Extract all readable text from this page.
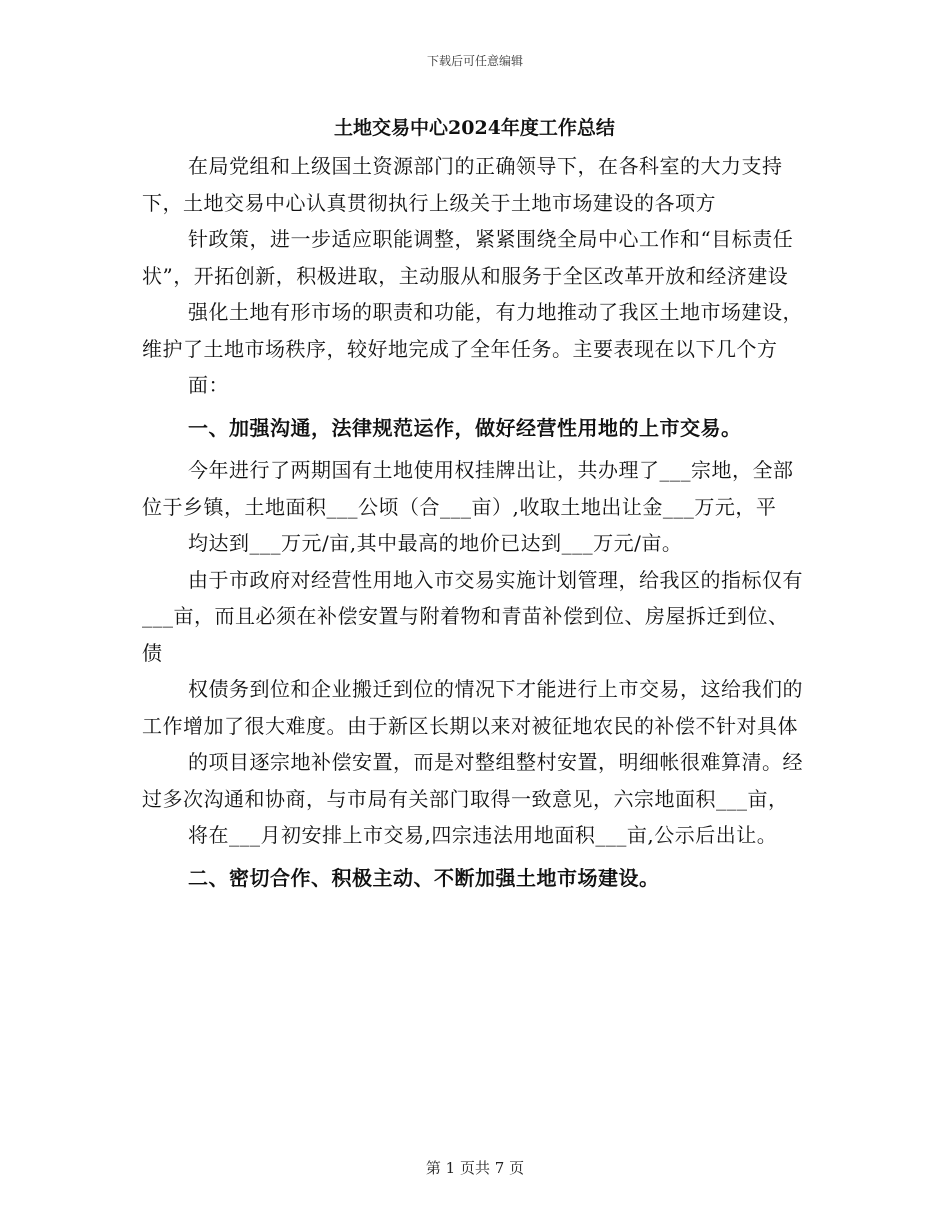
下载后可任意编辑
土地交易中心2024年度工作总结

在局党组和上级国土资源部门的正确领导下，在各科室的大力支持下，土地交易中心认真贯彻执行上级关于土地市场建设的各项方

针政策，进一步适应职能调整，紧紧围绕全局中心工作和“目标责任状”，开拓创新，积极进取，主动服从和服务于全区改革开放和经济建设

强化土地有形市场的职责和功能，有力地推动了我区土地市场建设，维护了土地市场秩序，较好地完成了全年任务。主要表现在以下几个方

面：

一、加强沟通，法律规范运作，做好经营性用地的上市交易。

今年进行了两期国有土地使用权挂牌出让，共办理了___宗地，全部位于乡镇，土地面积___公顷（合___亩）,收取土地出让金___万元，平

均达到___万元/亩,其中最高的地价已达到___万元/亩。

由于市政府对经营性用地入市交易实施计划管理，给我区的指标仅有___亩，而且必须在补偿安置与附着物和青苗补偿到位、房屋拆迁到位、债

权债务到位和企业搬迁到位的情况下才能进行上市交易，这给我们的工作增加了很大难度。由于新区长期以来对被征地农民的补偿不针对具体

的项目逐宗地补偿安置，而是对整组整村安置，明细帐很难算清。经过多次沟通和协商，与市局有关部门取得一致意见，六宗地面积___亩，

将在___月初安排上市交易,四宗违法用地面积___亩,公示后出让。

二、密切合作、积极主动、不断加强土地市场建设。

第 1 页共 7 页
